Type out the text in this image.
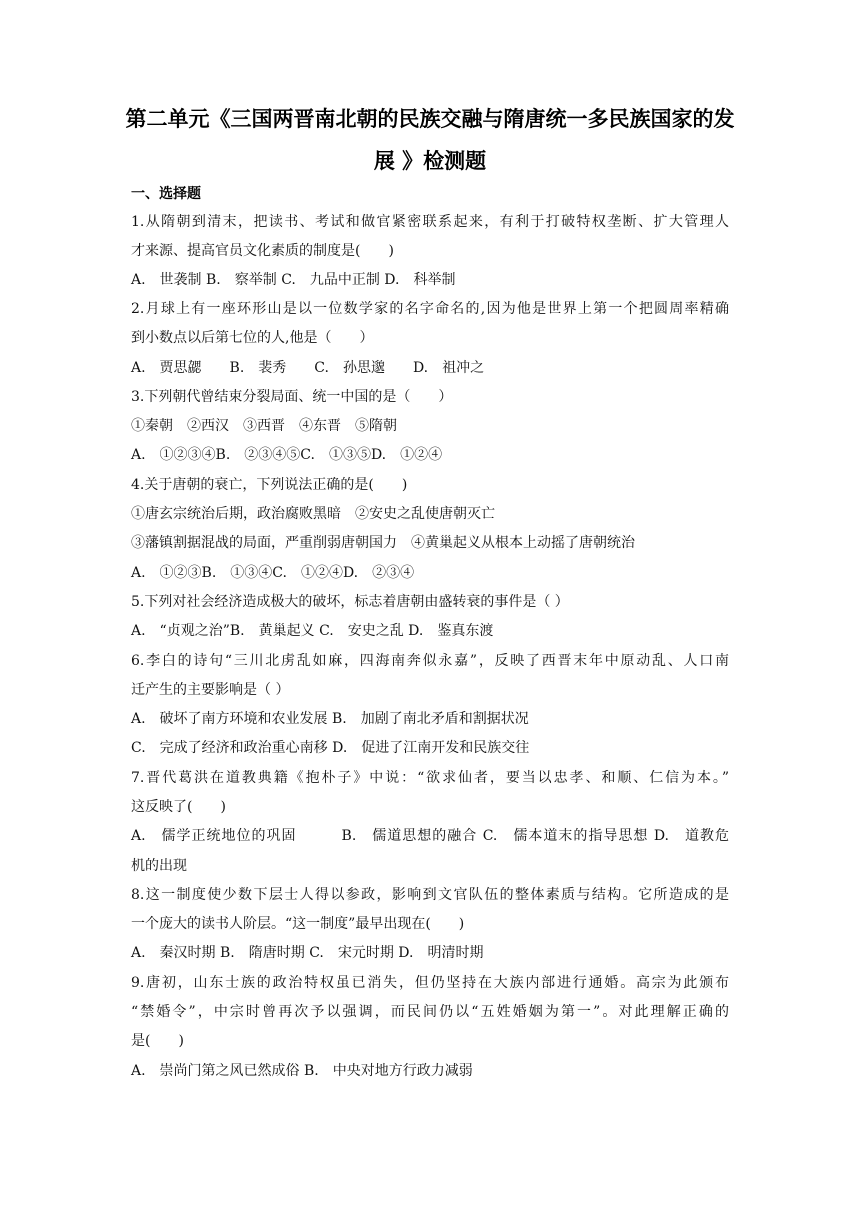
第二单元《三国两晋南北朝的民族交融与隋唐统一多民族国家的发
展 》检测题
一、选择题
1.从隋朝到清末，把读书、考试和做官紧密联系起来，有利于打破特权垄断、扩大管理人
才来源、提高官员文化素质的制度是(　　)
A.　世袭制 B.　察举制 C.　九品中正制 D.　科举制
2.月球上有一座环形山是以一位数学家的名字命名的,因为他是世界上第一个把圆周率精确
到小数点以后第七位的人,他是（　　）
A.　贾思勰　　B.　裴秀　　C.　孙思邈　　D.　祖冲之
3.下列朝代曾结束分裂局面、统一中国的是（　　）
①秦朝　②西汉　③西晋　④东晋　⑤隋朝
A.　①②③④B.　②③④⑤C.　①③⑤D.　①②④
4.关于唐朝的衰亡，下列说法正确的是(　　)
①唐玄宗统治后期，政治腐败黑暗　②安史之乱使唐朝灭亡
③藩镇割据混战的局面，严重削弱唐朝国力　④黄巢起义从根本上动摇了唐朝统治
A.　①②③B.　①③④C.　①②④D.　②③④
5.下列对社会经济造成极大的破坏，标志着唐朝由盛转衰的事件是（ ）
A.　“贞观之治”B.　黄巢起义 C.　安史之乱 D.　鉴真东渡
6.李白的诗句“三川北虏乱如麻，四海南奔似永嘉”，反映了西晋末年中原动乱、人口南
迁产生的主要影响是（ ）
A.　破坏了南方环境和农业发展 B.　加剧了南北矛盾和割据状况
C.　完成了经济和政治重心南移 D.　促进了江南开发和民族交往
7.晋代葛洪在道教典籍《抱朴子》中说：“欲求仙者，要当以忠孝、和顺、仁信为本。”
这反映了(　　)
A.　儒学正统地位的巩固　　　B.　儒道思想的融合 C.　儒本道末的指导思想 D.　道教危
机的出现
8.这一制度使少数下层士人得以参政，影响到文官队伍的整体素质与结构。它所造成的是
一个庞大的读书人阶层。“这一制度”最早出现在(　　)
A.　秦汉时期 B.　隋唐时期 C.　宋元时期 D.　明清时期
9.唐初，山东士族的政治特权虽已消失，但仍坚持在大族内部进行通婚。高宗为此颁布
“禁婚令”，中宗时曾再次予以强调，而民间仍以“五姓婚姻为第一”。对此理解正确的
是(　　)
A.　崇尚门第之风已然成俗 B.　中央对地方行政力减弱
